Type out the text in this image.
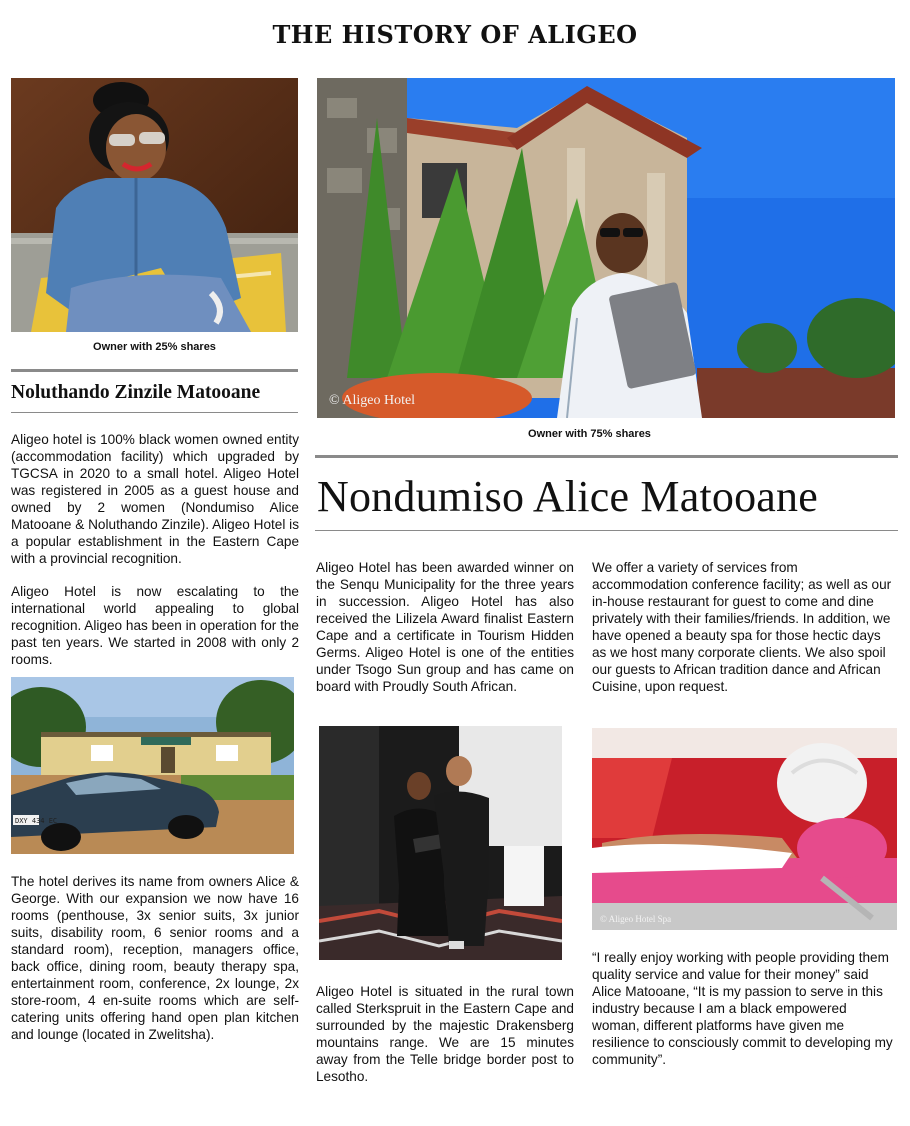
THE HISTORY OF ALIGEO
Owner with 25% shares
Noluthando Zinzile Matooane
Aligeo hotel is 100% black women owned entity (accommodation facility) which upgraded by TGCSA in 2020 to a small hotel. Aligeo Hotel was registered in 2005 as a guest house and owned by 2 women (Nondumiso Alice Matooane & Noluthando Zinzile). Aligeo Hotel is a popular establishment in the Eastern Cape with a provincial recognition.
Aligeo Hotel is now escalating to the international world appealing to global recognition. Aligeo has been in operation for the past ten years. We started in 2008 with only 2 rooms.
DXY 434 EC
The hotel derives its name from owners Alice & George. With our expansion we now have 16 rooms (penthouse, 3x senior suits, 3x junior suits, disability room, 6 senior rooms and a standard room), reception, managers office, back office, dining room, beauty therapy spa, entertainment room, conference, 2x lounge, 2x store-room, 4 en-suite rooms which are self-catering units offering hand open plan kitchen and lounge (located in Zwelitsha).
© Aligeo Hotel
Owner with 75% shares
Nondumiso Alice Matooane
Aligeo Hotel has been awarded winner on the Senqu Municipality for the three years in succession. Aligeo Hotel has also received the Lilizela Award finalist Eastern Cape and a certificate in Tourism Hidden Germs. Aligeo Hotel is one of the entities under Tsogo Sun group and has came on board with Proudly South African.
We offer a variety of services from accommodation conference facility; as well as our in-house restaurant for guest to come and dine privately with their families/friends. In addition, we have opened a beauty spa for those hectic days as we host many corporate clients. We also spoil our guests to African tradition dance and African Cuisine, upon request.
© Aligeo Hotel Spa
Aligeo Hotel is situated in the rural town called Sterkspruit in the Eastern Cape and surrounded by the majestic Drakensberg mountains range. We are 15 minutes away from the Telle bridge border post to Lesotho.
“I really enjoy working with people providing them quality service and value for their money” said Alice Matooane, “It is my passion to serve in this industry because I am a black empowered woman, different platforms have given me resilience to consciously commit to developing my community”.
